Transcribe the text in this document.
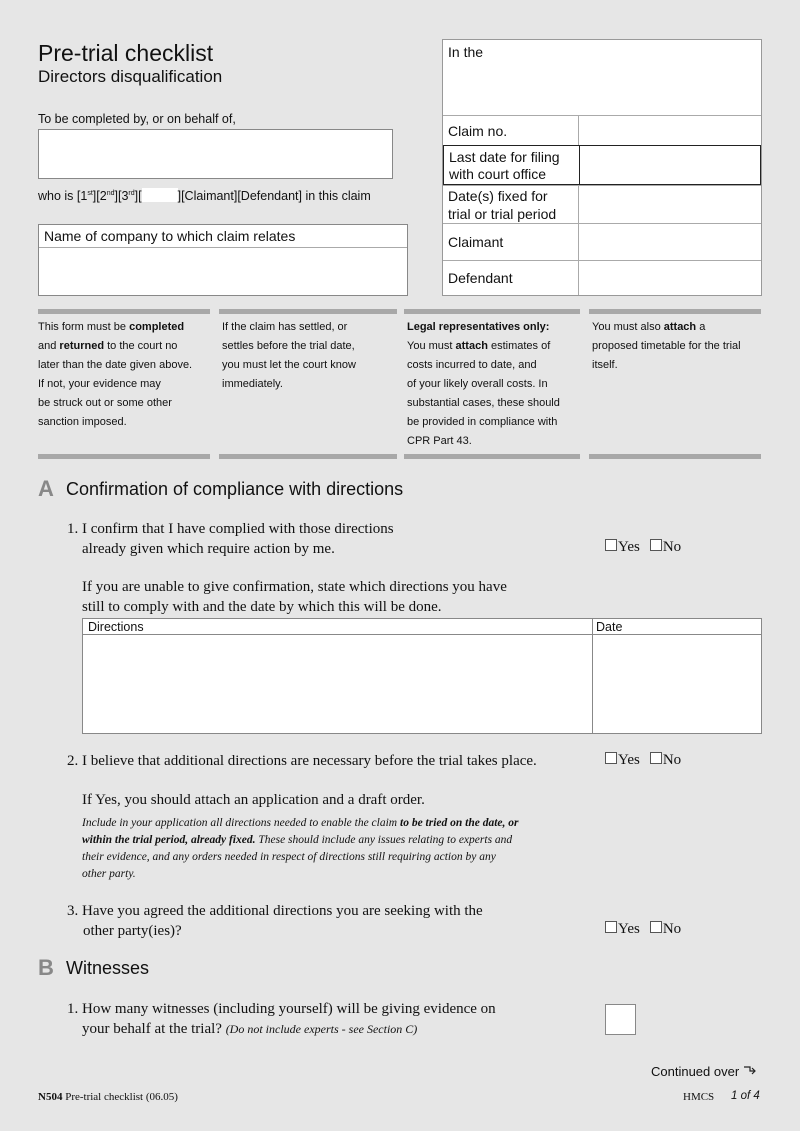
Pre-trial checklist
Directors disqualification
To be completed by, or on behalf of,
who is [1st][2nd][3rd][	][Claimant][Defendant] in this claim
Name of company to which claim relates
In the
Claim no.
Last date for filing
with court office
Date(s) fixed for
trial or trial period
Claimant
Defendant
This form must be completed
and returned to the court no
later than the date given above.
If not, your evidence may
be struck out or some other
sanction imposed.
If the claim has settled, or
settles before the trial date,
you must let the court know
immediately.
Legal representatives only:
You must attach estimates of
costs incurred to date, and
of your likely overall costs. In
substantial cases, these should
be provided in compliance with
CPR Part 43.
You must also attach a
proposed timetable for the trial
itself.
A Confirmation of compliance with directions
1. I confirm that I have complied with those directions
already given which require action by me.	Yes No
If you are unable to give confirmation, state which directions you have
still to comply with and the date by which this will be done.
Directions	Date
2. I believe that additional directions are necessary before the trial takes place.	Yes No
If Yes, you should attach an application and a draft order.
Include in your application all directions needed to enable the claim to be tried on the date, or
within the trial period, already fixed. These should include any issues relating to experts and
their evidence, and any orders needed in respect of directions still requiring action by any
other party.
3. Have you agreed the additional directions you are seeking with the
other party(ies)?	Yes No
B Witnesses
1. How many witnesses (including yourself) will be giving evidence on
your behalf at the trial? (Do not include experts - see Section C)
Continued over
N504 Pre-trial checklist (06.05)	HMCS 1 of 4
